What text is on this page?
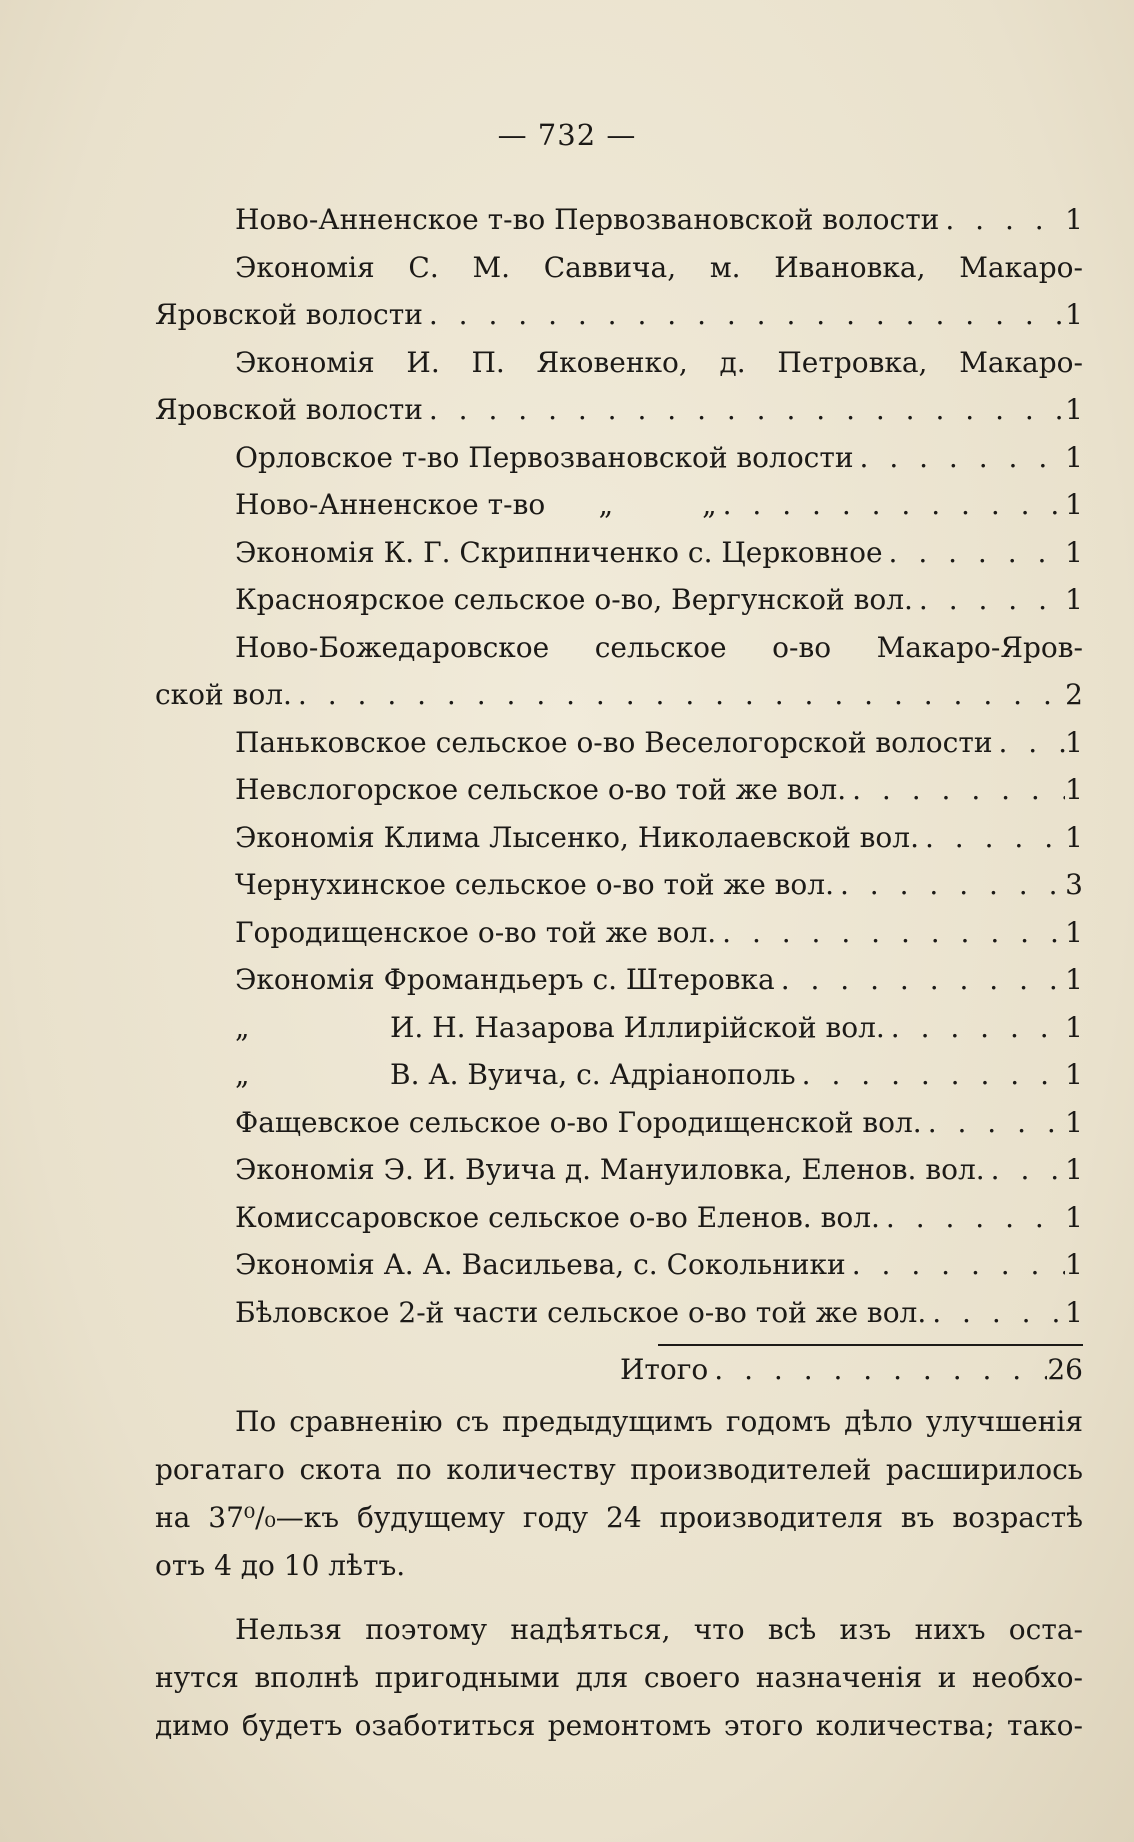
— 732 —
Ново-Анненское т-во Первозвановской волости . . .	1
Экономія С. М. Саввича, м. Ивановка, Макаро-
Яровской волости . . .	1
Экономія И. П. Яковенко, д. Петровка, Макаро-
Яровской волости . . .	1
Орловское т-во Первозвановской волости . . .	1
Ново-Анненское т-во      „          „ . . .	1
Экономія К. Г. Скрипниченко с. Церковное . . .	1
Красноярское сельское о-во, Вергунской вол. . . .	1
Ново-Божедаровское сельское о-во Макаро-Яров-
ской вол. . . .	2
Паньковское сельское о-во Веселогорской волости . . .	1
Невслогорское сельское о-во той же вол. . . .	1
Экономія Клима Лысенко, Николаевской вол. . . .	1
Чернухинское сельское о-во той же вол. . . .	3
Городищенское о-во той же вол. . . .	1
Экономія Фромандьеръ с. Штеровка . . .	1
„	И. Н. Назарова Иллирійской вол. . . .	1
„	В. А. Вуича, с. Адріанополь . . .	1
Фащевское сельское о-во Городищенской вол. . . .	1
Экономія Э. И. Вуича д. Мануиловка, Еленов. вол. . . .	1
Комиссаровское сельское о-во Еленов. вол. . . .	1
Экономія А. А. Васильева, с. Сокольники . . .	1
Бѣловское 2-й части сельское о-во той же вол. . . .	1
Итого . . .	26
По сравненію съ предыдущимъ годомъ дѣло улучшенія
рогатаго скота по количеству производителей расширилось
на 37⁰/₀—къ будущему году 24 производителя въ возрастѣ
отъ 4 до 10 лѣтъ.
Нельзя поэтому надѣяться, что всѣ изъ нихъ оста-
нутся вполнѣ пригодными для своего назначенія и необхо-
димо будетъ озаботиться ремонтомъ этого количества; тако-
